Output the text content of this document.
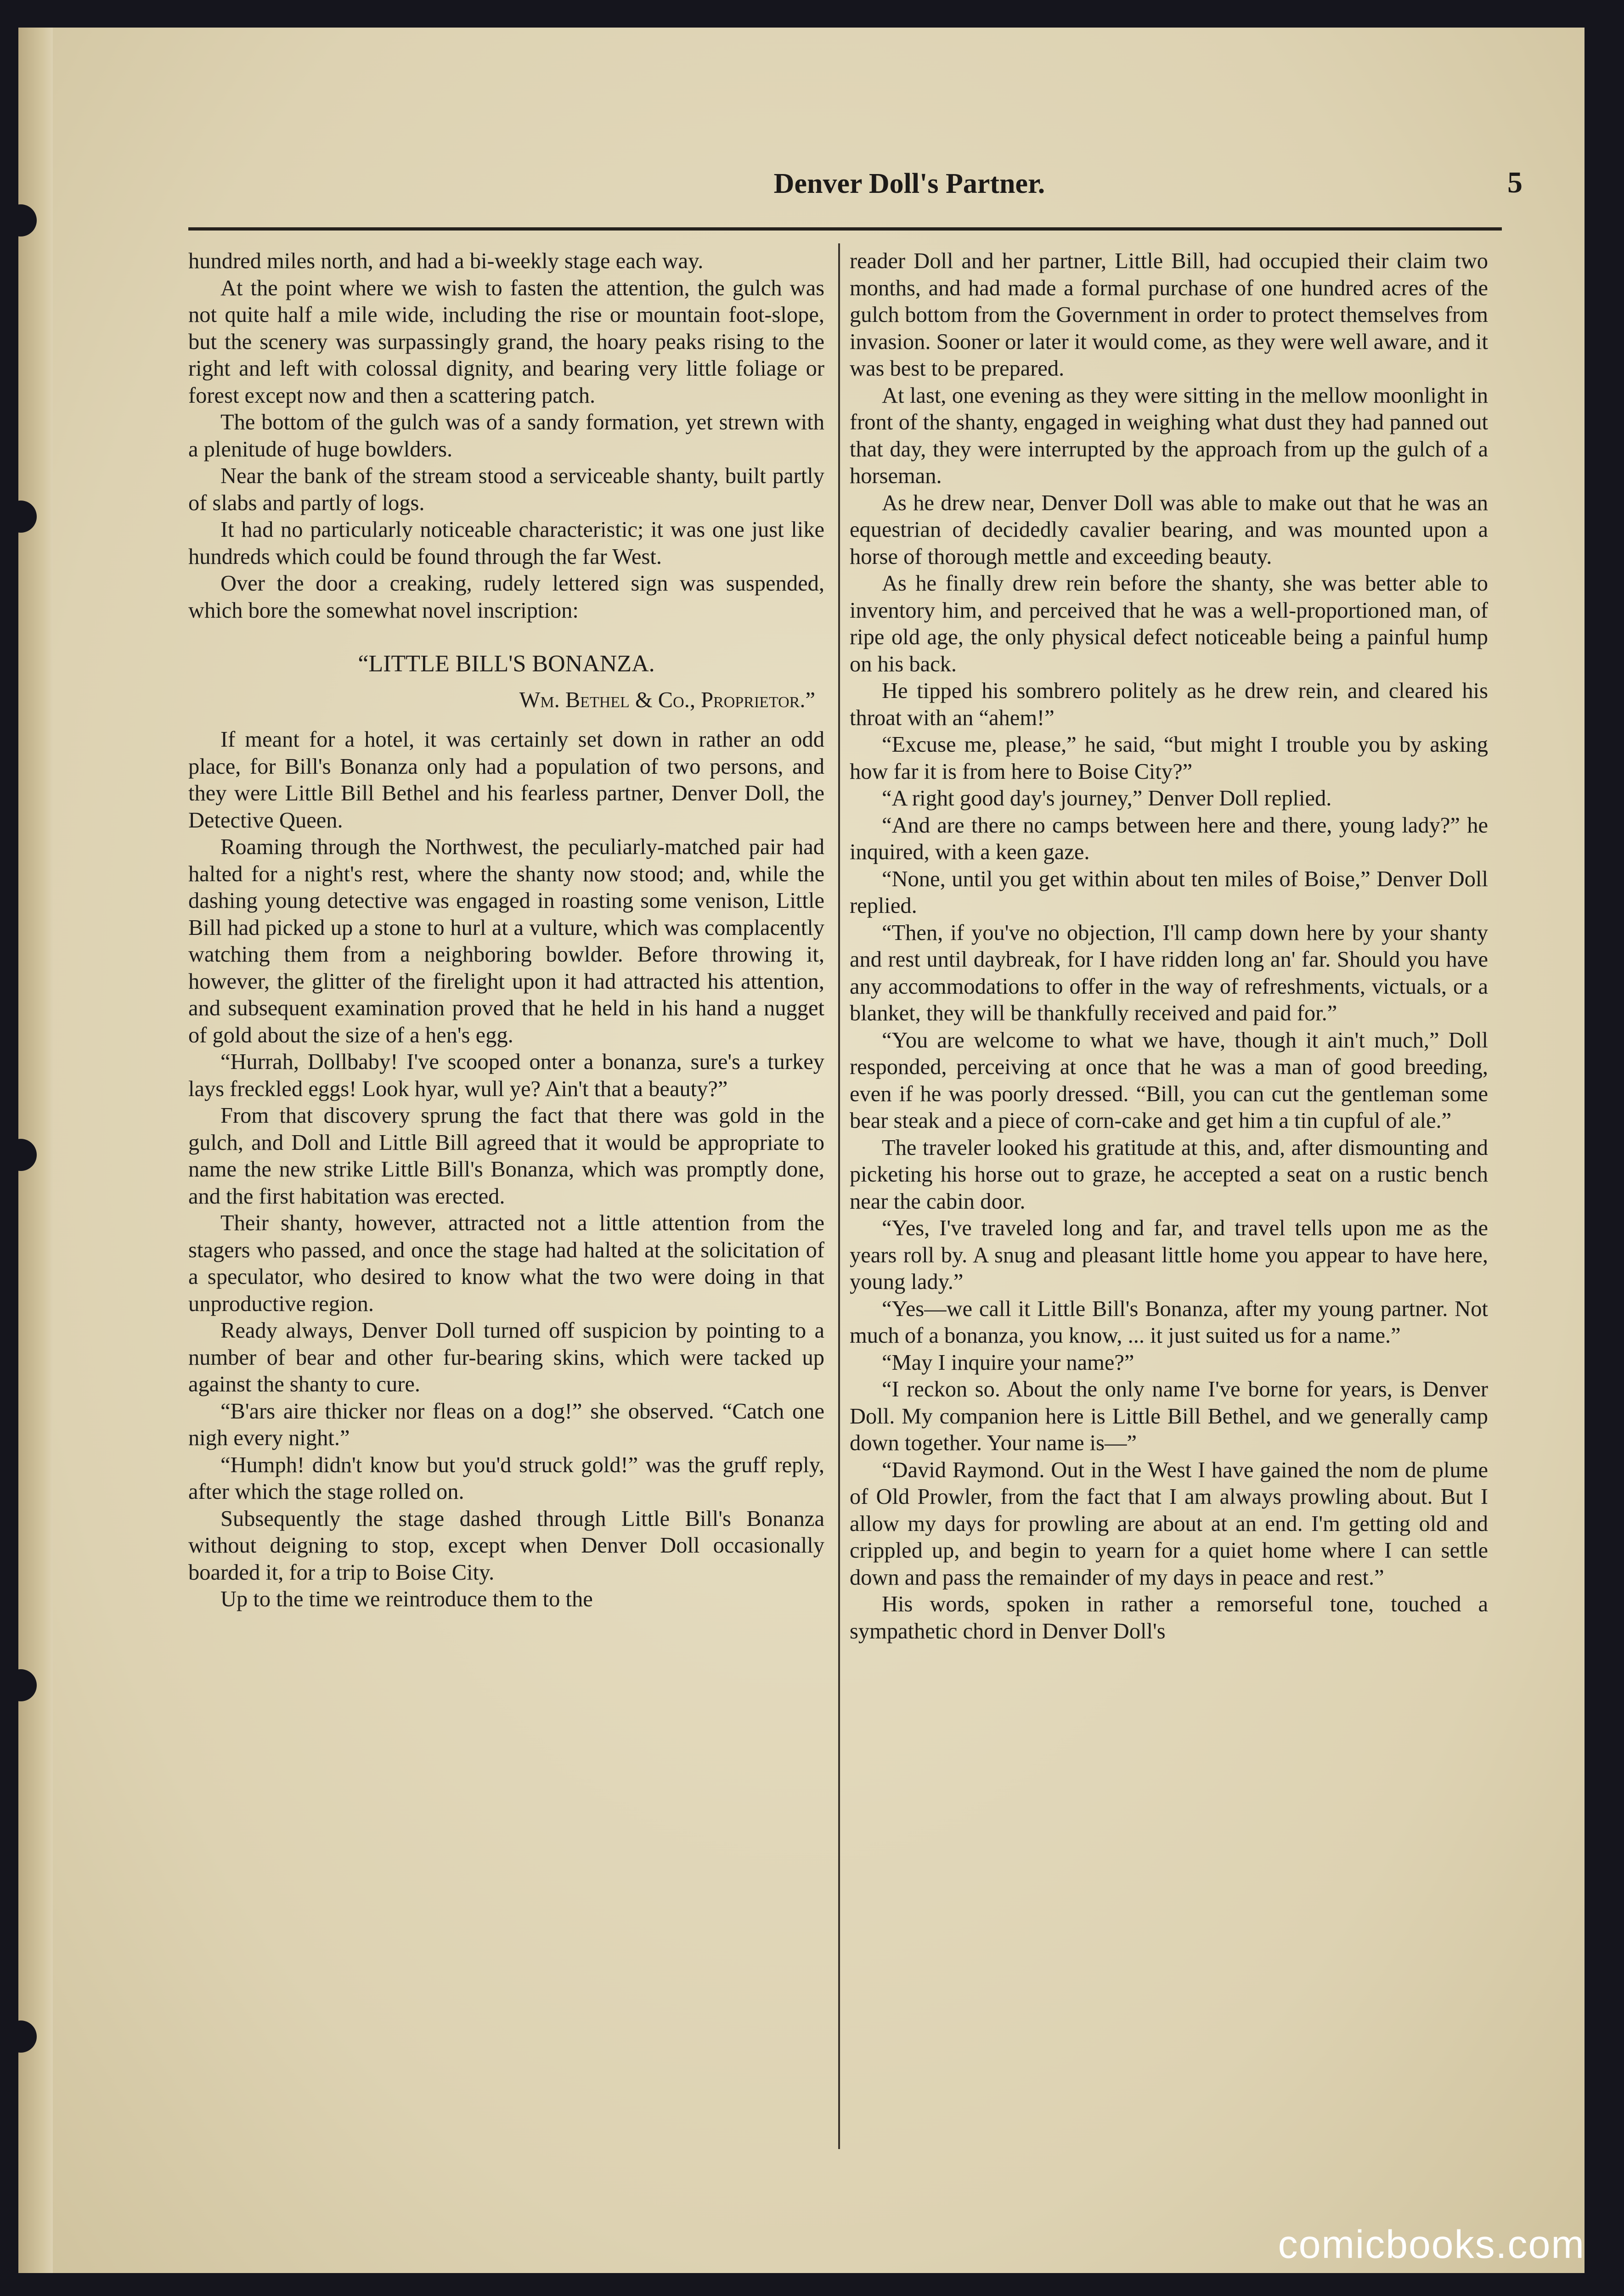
Denver Doll's Partner.	5

hundred miles north, and had a bi-weekly stage each way.

At the point where we wish to fasten the attention, the gulch was not quite half a mile wide, including the rise or mountain foot-slope, but the scenery was surpassingly grand, the hoary peaks rising to the right and left with colossal dignity, and bearing very little foliage or forest except now and then a scattering patch.

The bottom of the gulch was of a sandy formation, yet strewn with a plenitude of huge bowlders.

Near the bank of the stream stood a serviceable shanty, built partly of slabs and partly of logs.

It had no particularly noticeable characteristic; it was one just like hundreds which could be found through the far West.

Over the door a creaking, rudely lettered sign was suspended, which bore the somewhat novel inscription:

“LITTLE BILL'S BONANZA.

Wm. Bethel & Co., Proprietor.”

If meant for a hotel, it was certainly set down in rather an odd place, for Bill's Bonanza only had a population of two persons, and they were Little Bill Bethel and his fearless partner, Denver Doll, the Detective Queen.

Roaming through the Northwest, the peculiarly-matched pair had halted for a night's rest, where the shanty now stood; and, while the dashing young detective was engaged in roasting some venison, Little Bill had picked up a stone to hurl at a vulture, which was complacently watching them from a neighboring bowlder. Before throwing it, however, the glitter of the firelight upon it had attracted his attention, and subsequent examination proved that he held in his hand a nugget of gold about the size of a hen's egg.

“Hurrah, Dollbaby! I've scooped onter a bonanza, sure's a turkey lays freckled eggs! Look hyar, wull ye? Ain't that a beauty?”

From that discovery sprung the fact that there was gold in the gulch, and Doll and Little Bill agreed that it would be appropriate to name the new strike Little Bill's Bonanza, which was promptly done, and the first habitation was erected.

Their shanty, however, attracted not a little attention from the stagers who passed, and once the stage had halted at the solicitation of a speculator, who desired to know what the two were doing in that unproductive region.

Ready always, Denver Doll turned off suspicion by pointing to a number of bear and other fur-bearing skins, which were tacked up against the shanty to cure.

“B'ars aire thicker nor fleas on a dog!” she observed. “Catch one nigh every night.”

“Humph! didn't know but you'd struck gold!” was the gruff reply, after which the stage rolled on.

Subsequently the stage dashed through Little Bill's Bonanza without deigning to stop, except when Denver Doll occasionally boarded it, for a trip to Boise City.

Up to the time we reintroduce them to the

reader Doll and her partner, Little Bill, had occupied their claim two months, and had made a formal purchase of one hundred acres of the gulch bottom from the Government in order to protect themselves from invasion. Sooner or later it would come, as they were well aware, and it was best to be prepared.

At last, one evening as they were sitting in the mellow moonlight in front of the shanty, engaged in weighing what dust they had panned out that day, they were interrupted by the approach from up the gulch of a horseman.

As he drew near, Denver Doll was able to make out that he was an equestrian of decidedly cavalier bearing, and was mounted upon a horse of thorough mettle and exceeding beauty.

As he finally drew rein before the shanty, she was better able to inventory him, and perceived that he was a well-proportioned man, of ripe old age, the only physical defect noticeable being a painful hump on his back.

He tipped his sombrero politely as he drew rein, and cleared his throat with an “ahem!”

“Excuse me, please,” he said, “but might I trouble you by asking how far it is from here to Boise City?”

“A right good day's journey,” Denver Doll replied.

“And are there no camps between here and there, young lady?” he inquired, with a keen gaze.

“None, until you get within about ten miles of Boise,” Denver Doll replied.

“Then, if you've no objection, I'll camp down here by your shanty and rest until daybreak, for I have ridden long an' far. Should you have any accommodations to offer in the way of refreshments, victuals, or a blanket, they will be thankfully received and paid for.”

“You are welcome to what we have, though it ain't much,” Doll responded, perceiving at once that he was a man of good breeding, even if he was poorly dressed. “Bill, you can cut the gentleman some bear steak and a piece of corn-cake and get him a tin cupful of ale.”

The traveler looked his gratitude at this, and, after dismounting and picketing his horse out to graze, he accepted a seat on a rustic bench near the cabin door.

“Yes, I've traveled long and far, and travel tells upon me as the years roll by. A snug and pleasant little home you appear to have here, young lady.”

“Yes—we call it Little Bill's Bonanza, after my young partner. Not much of a bonanza, you know, ... it just suited us for a name.”

“May I inquire your name?”

“I reckon so. About the only name I've borne for years, is Denver Doll. My companion here is Little Bill Bethel, and we generally camp down together. Your name is—”

“David Raymond. Out in the West I have gained the nom de plume of Old Prowler, from the fact that I am always prowling about. But I allow my days for prowling are about at an end. I'm getting old and crippled up, and begin to yearn for a quiet home where I can settle down and pass the remainder of my days in peace and rest.”

His words, spoken in rather a remorseful tone, touched a sympathetic chord in Denver Doll's

comicbooks.com
